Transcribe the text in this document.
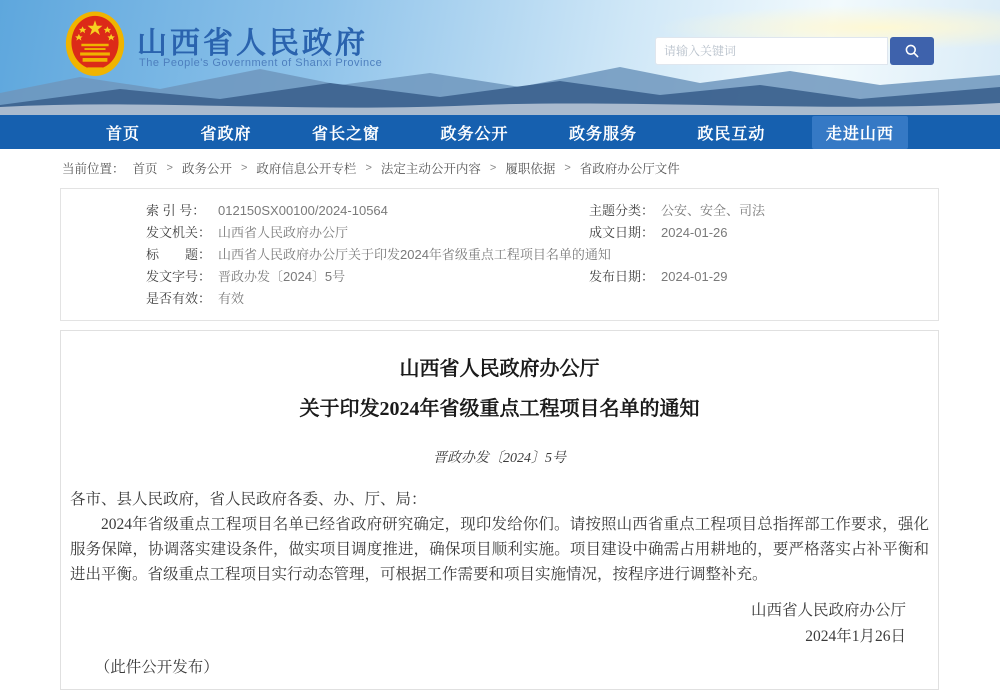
山西省人民政府
The People's Government of Shanxi Province
请输入关键词
首页	省政府	省长之窗	政务公开	政务服务	政民互动	走进山西
当前位置： 首页 > 政务公开 > 政府信息公开专栏 > 法定主动公开内容 > 履职依据 > 省政府办公厅文件
索 引 号： 012150SX00100/2024-10564	主题分类： 公安、安全、司法
发文机关： 山西省人民政府办公厅	成文日期： 2024-01-26
标　　题： 山西省人民政府办公厅关于印发2024年省级重点工程项目名单的通知
发文字号： 晋政办发〔2024〕5号	发布日期： 2024-01-29
是否有效： 有效
山西省人民政府办公厅
关于印发2024年省级重点工程项目名单的通知
晋政办发〔2024〕5号
各市、县人民政府，省人民政府各委、办、厅、局：
2024年省级重点工程项目名单已经省政府研究确定，现印发给你们。请按照山西省重点工程项目总指挥部工作要求，强化服务保障，协调落实建设条件，做实项目调度推进，确保项目顺利实施。项目建设中确需占用耕地的，要严格落实占补平衡和进出平衡。省级重点工程项目实行动态管理，可根据工作需要和项目实施情况，按程序进行调整补充。
山西省人民政府办公厅
2024年1月26日
（此件公开发布）
